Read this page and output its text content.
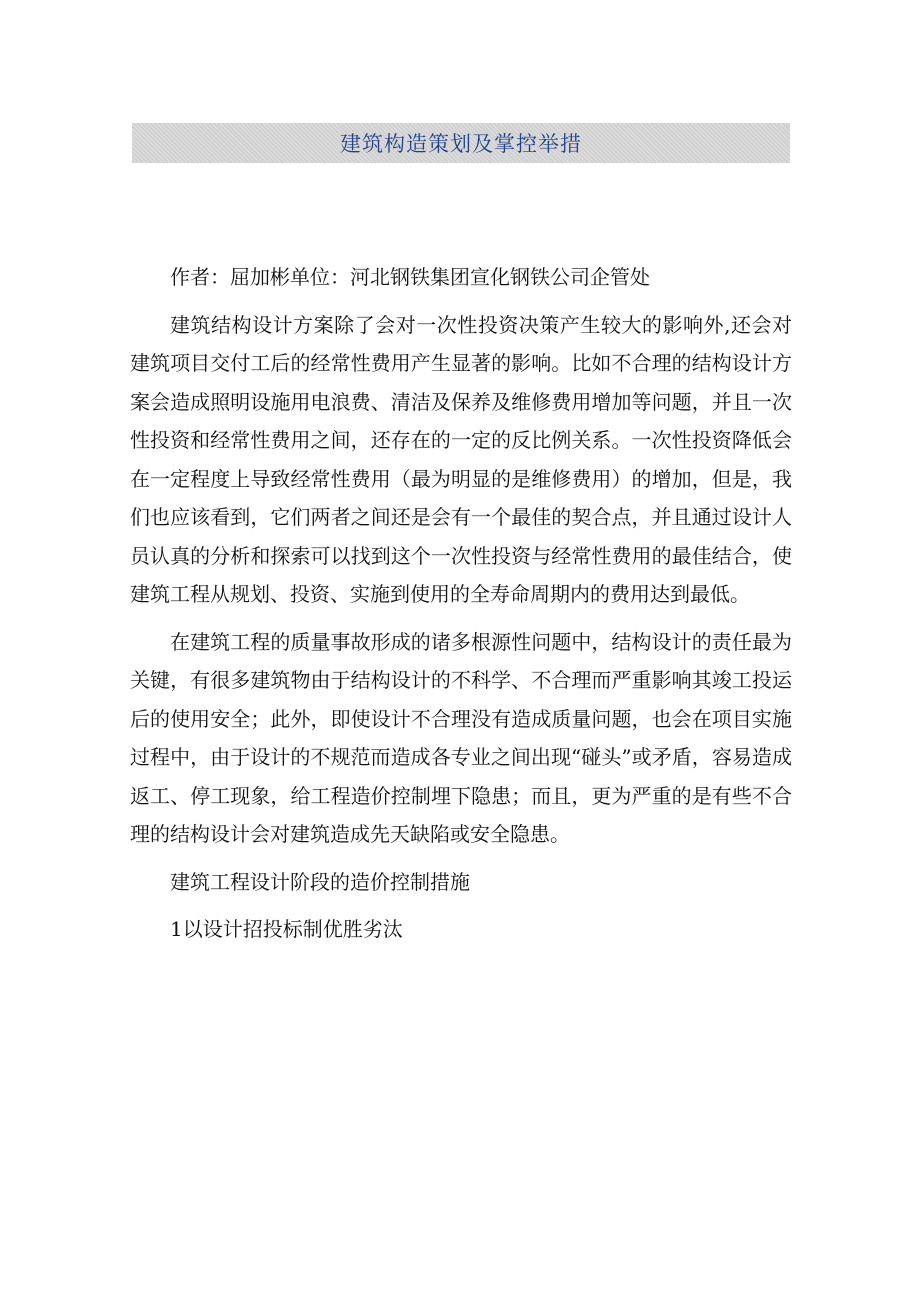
建筑构造策划及掌控举措

作者：屈加彬单位：河北钢铁集团宣化钢铁公司企管处

建筑结构设计方案除了会对一次性投资决策产生较大的影响外,还会对建筑项目交付工后的经常性费用产生显著的影响。比如不合理的结构设计方案会造成照明设施用电浪费、清洁及保养及维修费用增加等问题，并且一次性投资和经常性费用之间，还存在的一定的反比例关系。一次性投资降低会在一定程度上导致经常性费用（最为明显的是维修费用）的增加，但是，我们也应该看到，它们两者之间还是会有一个最佳的契合点，并且通过设计人员认真的分析和探索可以找到这个一次性投资与经常性费用的最佳结合，使建筑工程从规划、投资、实施到使用的全寿命周期内的费用达到最低。

在建筑工程的质量事故形成的诸多根源性问题中，结构设计的责任最为关键，有很多建筑物由于结构设计的不科学、不合理而严重影响其竣工投运后的使用安全；此外，即使设计不合理没有造成质量问题，也会在项目实施过程中，由于设计的不规范而造成各专业之间出现“碰头”或矛盾，容易造成返工、停工现象，给工程造价控制埋下隐患；而且，更为严重的是有些不合理的结构设计会对建筑造成先天缺陷或安全隐患。

建筑工程设计阶段的造价控制措施

1以设计招投标制优胜劣汰
